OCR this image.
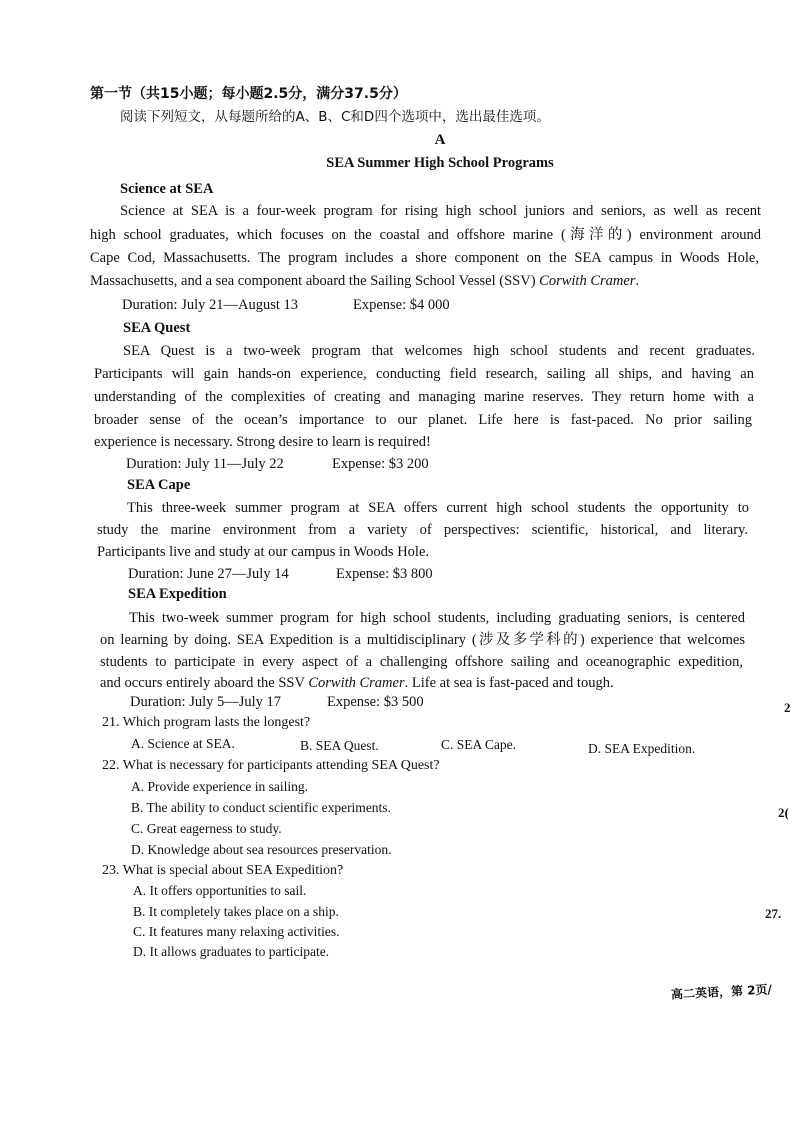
第一节（共15小题；每小题2.5分，满分37.5分）
阅读下列短文，从每题所给的A、B、C和D四个选项中，选出最佳选项。
A
SEA Summer High School Programs
Science at SEA
Science at SEA is a four-week program for rising high school juniors and seniors, as well as recent
high school graduates, which focuses on the coastal and offshore marine (海洋的) environment around
Cape Cod, Massachusetts. The program includes a shore component on the SEA campus in Woods Hole,
Massachusetts, and a sea component aboard the Sailing School Vessel (SSV) Corwith Cramer.
Duration: July 21—August 13	Expense: $4 000
SEA Quest
SEA Quest is a two-week program that welcomes high school students and recent graduates.
Participants will gain hands-on experience, conducting field research, sailing all ships, and having an
understanding of the complexities of creating and managing marine reserves. They return home with a
broader sense of the ocean’s importance to our planet. Life here is fast-paced. No prior sailing
experience is necessary. Strong desire to learn is required!
Duration: July 11—July 22	Expense: $3 200
SEA Cape
This three-week summer program at SEA offers current high school students the opportunity to
study the marine environment from a variety of perspectives: scientific, historical, and literary.
Participants live and study at our campus in Woods Hole.
Duration: June 27—July 14	Expense: $3 800
SEA Expedition
This two-week summer program for high school students, including graduating seniors, is centered
on learning by doing. SEA Expedition is a multidisciplinary (涉及多学科的) experience that welcomes
students to participate in every aspect of a challenging offshore sailing and oceanographic expedition,
and occurs entirely aboard the SSV Corwith Cramer. Life at sea is fast-paced and tough.
Duration: July 5—July 17	Expense: $3 500
21. Which program lasts the longest?
A. Science at SEA.	B. SEA Quest.	C. SEA Cape.	D. SEA Expedition.
22. What is necessary for participants attending SEA Quest?
A. Provide experience in sailing.
B. The ability to conduct scientific experiments.
C. Great eagerness to study.
D. Knowledge about sea resources preservation.
23. What is special about SEA Expedition?
A. It offers opportunities to sail.
B. It completely takes place on a ship.
C. It features many relaxing activities.
D. It allows graduates to participate.
2
2(
27.
高二英语，第 2页/
